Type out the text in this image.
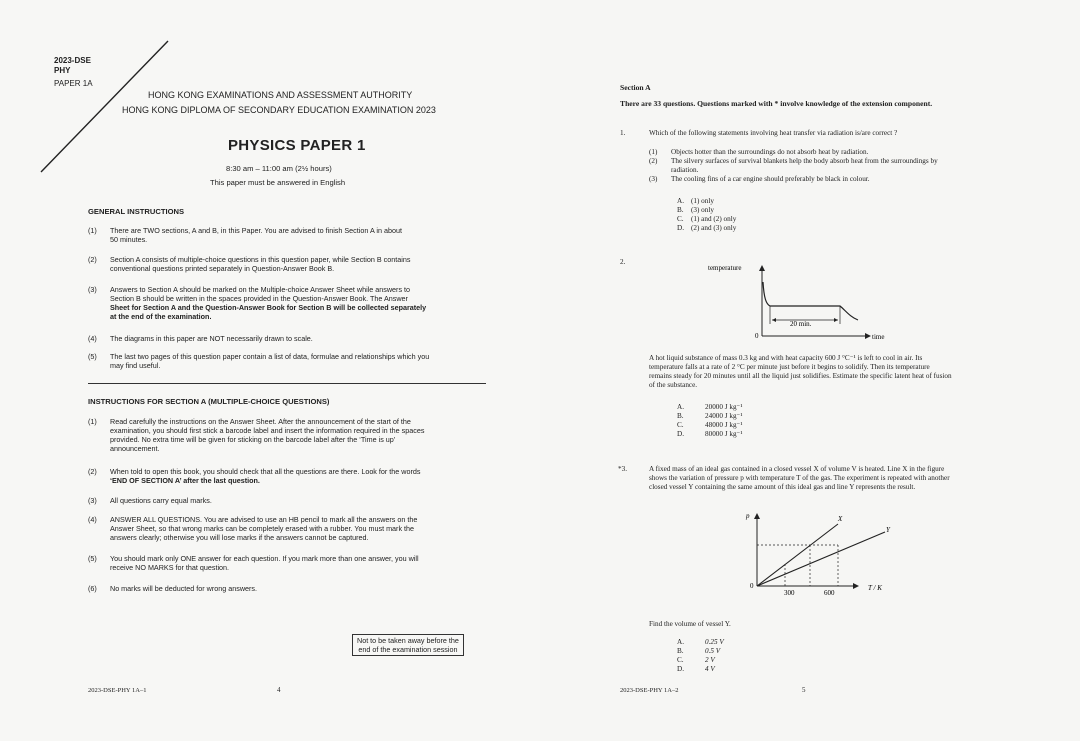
2023-DSE
PHY
PAPER 1A
HONG KONG EXAMINATIONS AND ASSESSMENT AUTHORITY
HONG KONG DIPLOMA OF SECONDARY EDUCATION EXAMINATION 2023
PHYSICS PAPER 1
8:30 am – 11:00 am (2½ hours)
This paper must be answered in English
GENERAL INSTRUCTIONS
(1) There are TWO sections, A and B, in this Paper. You are advised to finish Section A in about
50 minutes.
(2) Section A consists of multiple-choice questions in this question paper, while Section B contains
conventional questions printed separately in Question-Answer Book B.
(3) Answers to Section A should be marked on the Multiple-choice Answer Sheet while answers to
Section B should be written in the spaces provided in the Question-Answer Book. The Answer
Sheet for Section A and the Question-Answer Book for Section B will be collected separately
at the end of the examination.
(4) The diagrams in this paper are NOT necessarily drawn to scale.
(5) The last two pages of this question paper contain a list of data, formulae and relationships which you
may find useful.
INSTRUCTIONS FOR SECTION A (MULTIPLE-CHOICE QUESTIONS)
(1) Read carefully the instructions on the Answer Sheet. After the announcement of the start of the
examination, you should first stick a barcode label and insert the information required in the spaces
provided. No extra time will be given for sticking on the barcode label after the ‘Time is up’
announcement.
(2) When told to open this book, you should check that all the questions are there. Look for the words
‘END OF SECTION A’ after the last question.
(3) All questions carry equal marks.
(4) ANSWER ALL QUESTIONS. You are advised to use an HB pencil to mark all the answers on the
Answer Sheet, so that wrong marks can be completely erased with a rubber. You must mark the
answers clearly; otherwise you will lose marks if the answers cannot be captured.
(5) You should mark only ONE answer for each question. If you mark more than one answer, you will
receive NO MARKS for that question.
(6) No marks will be deducted for wrong answers.
Not to be taken away before the
end of the examination session
2023-DSE-PHY 1A–1	4
Section A
There are 33 questions. Questions marked with * involve knowledge of the extension component.
1.	Which of the following statements involving heat transfer via radiation is/are correct ?
(1) Objects hotter than the surroundings do not absorb heat by radiation.
(2) The silvery surfaces of survival blankets help the body absorb heat from the surroundings by
radiation.
(3) The cooling fins of a car engine should preferably be black in colour.
A. (1) only
B. (3) only
C. (1) and (2) only
D. (2) and (3) only
2.
temperature
0	time
20 min.
A hot liquid substance of mass 0.3 kg and with heat capacity 600 J °C⁻¹ is left to cool in air. Its
temperature falls at a rate of 2 °C per minute just before it begins to solidify. Then its temperature
remains steady for 20 minutes until all the liquid just solidifies. Estimate the specific latent heat of fusion
of the substance.
A.	20000 J kg⁻¹
B.	24000 J kg⁻¹
C.	48000 J kg⁻¹
D.	80000 J kg⁻¹
*3.	A fixed mass of an ideal gas contained in a closed vessel X of volume V is heated. Line X in the figure
shows the variation of pressure p with temperature T of the gas. The experiment is repeated with another
closed vessel Y containing the same amount of this ideal gas and line Y represents the result.
p
0	T / K
X
Y
300	600
Find the volume of vessel Y.
A.	0.25 V
B.	0.5 V
C.	2 V
D.	4 V
2023-DSE-PHY 1A–2	5
